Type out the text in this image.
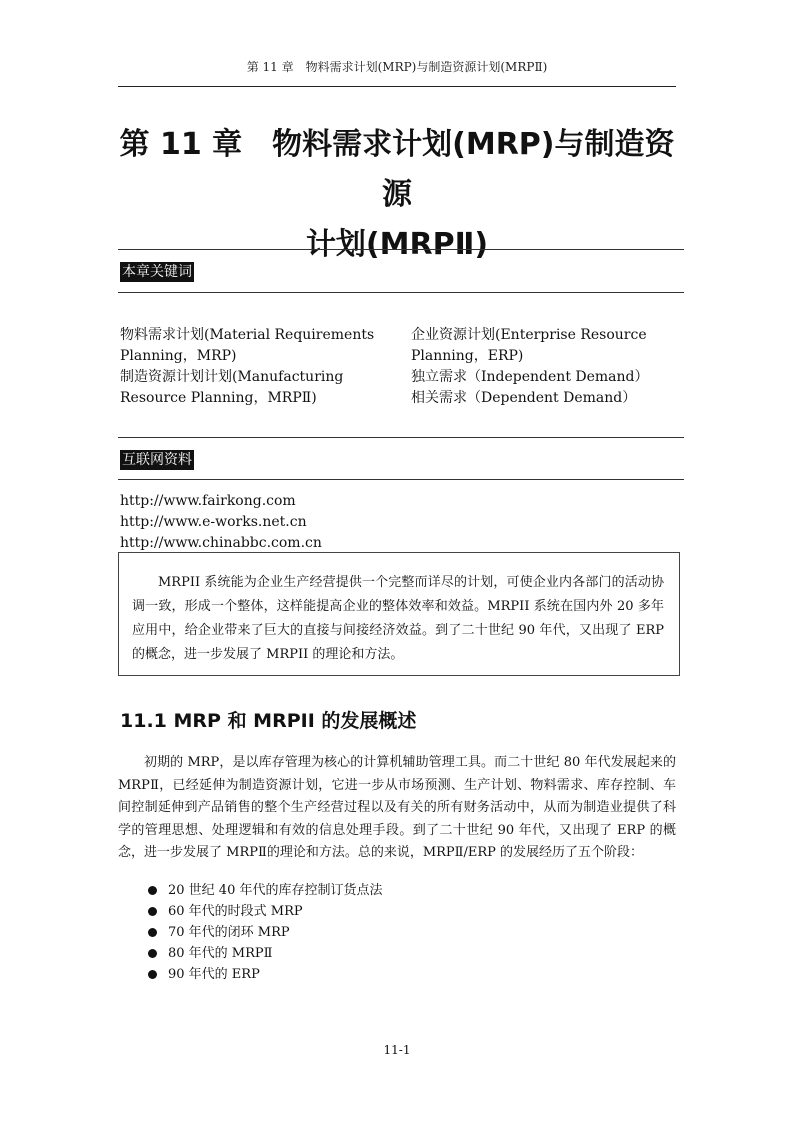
第 11 章　物料需求计划(MRP)与制造资源计划(MRPⅡ)
第 11 章　物料需求计划(MRP)与制造资源
计划(MRPⅡ)
本章关键词
物料需求计划(Material Requirements
Planning，MRP)
制造资源计划计划(Manufacturing
Resource Planning，MRPⅡ)
企业资源计划(Enterprise Resource
Planning，ERP)
独立需求（Independent Demand）
相关需求（Dependent Demand）
互联网资料
http://www.fairkong.com
http://www.e-works.net.cn
http://www.chinabbc.com.cn
MRPII 系统能为企业生产经营提供一个完整而详尽的计划，可使企业内各部门的活动协调一致，形成一个整体，这样能提高企业的整体效率和效益。MRPII 系统在国内外 20 多年应用中，给企业带来了巨大的直接与间接经济效益。到了二十世纪 90 年代，又出现了 ERP 的概念，进一步发展了 MRPII 的理论和方法。
11.1 MRP 和 MRPII 的发展概述
初期的 MRP，是以库存管理为核心的计算机辅助管理工具。而二十世纪 80 年代发展起来的 MRPⅡ，已经延伸为制造资源计划，它进一步从市场预测、生产计划、物料需求、库存控制、车间控制延伸到产品销售的整个生产经营过程以及有关的所有财务活动中，从而为制造业提供了科学的管理思想、处理逻辑和有效的信息处理手段。到了二十世纪 90 年代，又出现了 ERP 的概念，进一步发展了 MRPⅡ的理论和方法。总的来说，MRPⅡ/ERP 的发展经历了五个阶段：
20 世纪 40 年代的库存控制订货点法
60 年代的时段式 MRP
70 年代的闭环 MRP
80 年代的 MRPⅡ
90 年代的 ERP
11-1
